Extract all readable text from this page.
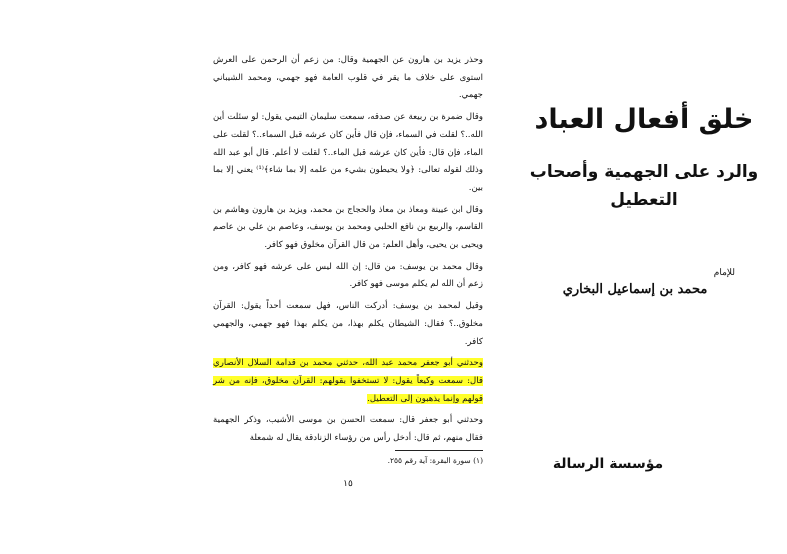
وحذر يزيد بن هارون عن الجهمية وقال: من زعم أن الرحمن على العرش استوى على خلاف ما يقر في قلوب العامة فهو جهمي، ومحمد الشيباني جهمي.

وقال ضمرة بن ربيعة عن صدقه، سمعت سليمان التيمي يقول: لو سئلت أين الله..؟ لقلت في السماء، فإن قال فأين كان عرشه قبل السماء..؟ لقلت على الماء، فإن قال: فأين كان عرشه قبل الماء..؟ لقلت لا أعلم. قال أبو عبد الله وذلك لقوله تعالى: ﴿ولا يحيطون بشيء من علمه إلا بما شاء﴾⁽¹⁾ يعني إلا بما بين.

وقال ابن عيينة ومعاذ بن معاذ والحجاج بن محمد، ويزيد بن هارون وهاشم بن القاسم، والربيع بن نافع الحلبي ومحمد بن يوسف، وعاصم بن علي بن عاصم ويحيى بن يحيى، وأهل العلم: من قال القرآن مخلوق فهو كافر.

وقال محمد بن يوسف: من قال: إن الله ليس على عرشه فهو كافر، ومن زعم أن الله لم يكلم موسى فهو كافر.

وقيل لمحمد بن يوسف: أدركت الناس، فهل سمعت أحداً يقول: القرآن مخلوق..؟ فقال: الشيطان يكلم بهذا، من يكلم بهذا فهو جهمي، والجهمي كافر.

وحدثني أبو جعفر محمد عبد الله، حدثني محمد بن قدامة السلال الأنصاري قال: سمعت وكيعاً يقول: لا تستخفوا بقولهم: القرآن مخلوق، فإنه من شر قولهم وإنما يذهبون إلى التعطيل.

وحدثني أبو جعفر قال: سمعت الحسن بن موسى الأشيب، وذكر الجهمية فقال منهم، ثم قال: أدخل رأس من رؤساء الزنادقة يقال له شمعلة

(١) سورة البقرة: آية رقم ٢٥٥.
١٥
خلق أفعال العباد
والرد على الجهمية وأصحاب التعطيل
للإمام
محمد بن إسماعيل البخاري
مؤسسة الرسالة
